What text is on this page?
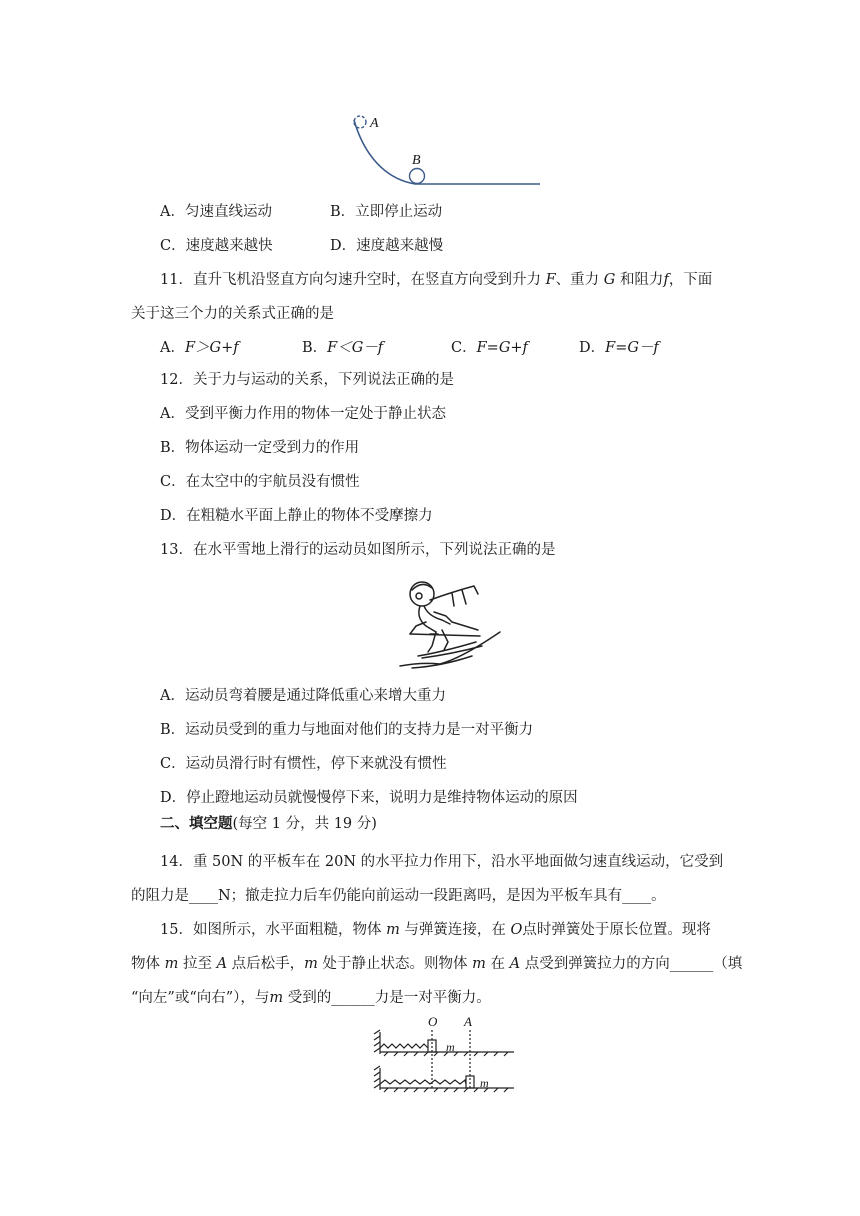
A
B
A．匀速直线运动	B．立即停止运动
C．速度越来越快	D．速度越来越慢
11．直升飞机沿竖直方向匀速升空时，在竖直方向受到升力 F、重力 G 和阻力f，下面
关于这三个力的关系式正确的是
A．F＞G+f	B．F＜G－f	C．F=G+f	D．F=G－f
12．关于力与运动的关系，下列说法正确的是
A．受到平衡力作用的物体一定处于静止状态
B．物体运动一定受到力的作用
C．在太空中的宇航员没有惯性
D．在粗糙水平面上静止的物体不受摩擦力
13．在水平雪地上滑行的运动员如图所示，下列说法正确的是
A．运动员弯着腰是通过降低重心来增大重力
B．运动员受到的重力与地面对他们的支持力是一对平衡力
C．运动员滑行时有惯性，停下来就没有惯性
D．停止蹬地运动员就慢慢停下来，说明力是维持物体运动的原因
二、填空题(每空 1 分，共 19 分)
14．重 50N 的平板车在 20N 的水平拉力作用下，沿水平地面做匀速直线运动，它受到
的阻力是____N；撤走拉力后车仍能向前运动一段距离吗，是因为平板车具有____。
15．如图所示，水平面粗糙，物体 m 与弹簧连接，在 O点时弹簧处于原长位置。现将
物体 m 拉至 A 点后松手，m 处于静止状态。则物体 m 在 A 点受到弹簧拉力的方向______（填
“向左”或“向右”），与m 受到的______力是一对平衡力。
O A
m
m
